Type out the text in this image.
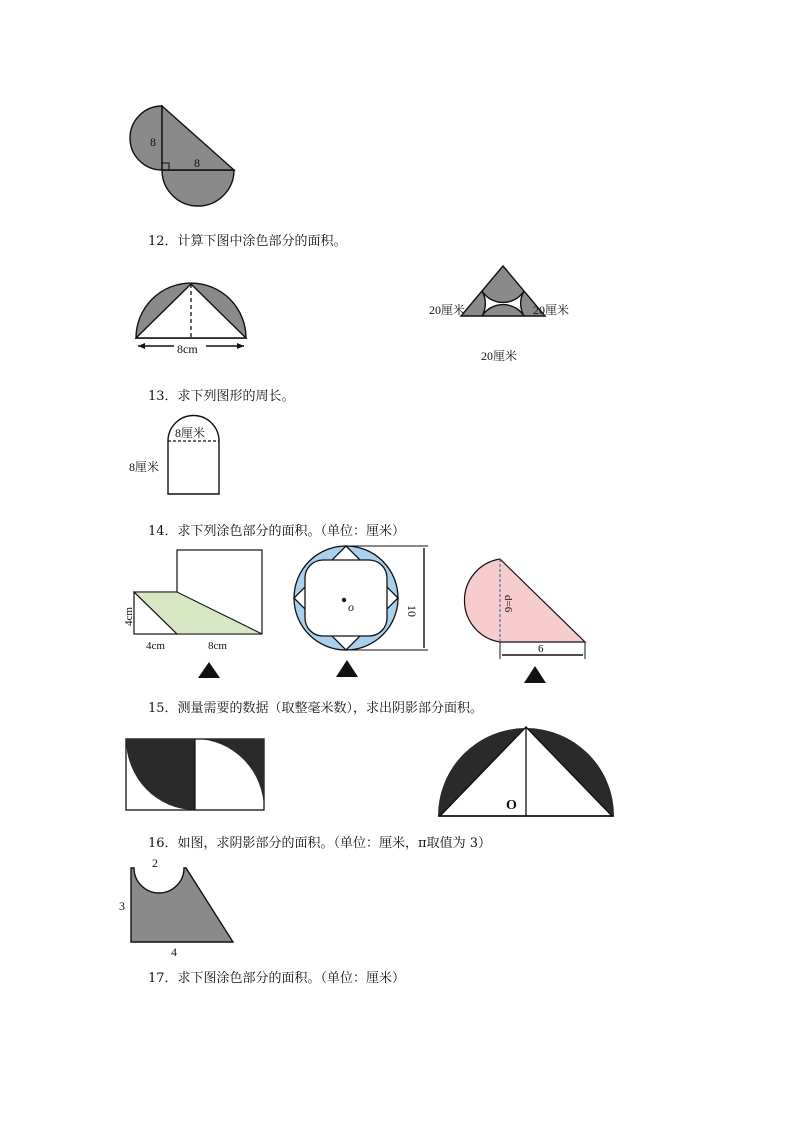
8
8
12．计算下图中涂色部分的面积。
8cm
20厘米	20厘米
20厘米
13．求下列图形的周长。
8厘米
8厘米
14．求下列涂色部分的面积。（单位：厘米）
4cm
4cm	8cm
o	10	d=6
6
15．测量需要的数据（取整毫米数），求出阴影部分面积。
O
16．如图，求阴影部分的面积。（单位：厘米，π取值为 3）
2
3
4
17．求下图涂色部分的面积。（单位：厘米）
